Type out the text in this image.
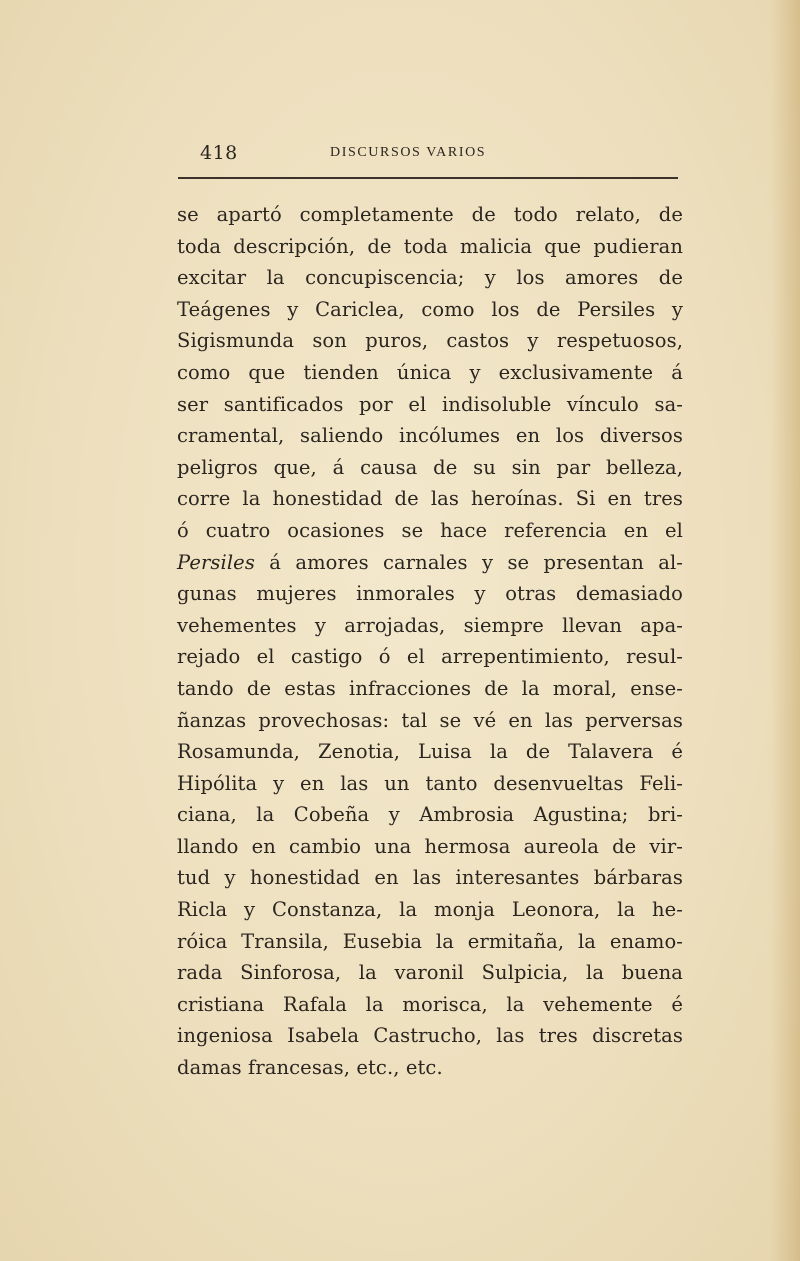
418	DISCURSOS VARIOS
se apartó completamente de todo relato, de
toda descripción, de toda malicia que pudieran
excitar la concupiscencia; y los amores de
Teágenes y Cariclea, como los de Persiles y
Sigismunda son puros, castos y respetuosos,
como que tienden única y exclusivamente á
ser santificados por el indisoluble vínculo sa-
cramental, saliendo incólumes en los diversos
peligros que, á causa de su sin par belleza,
corre la honestidad de las heroínas. Si en tres
ó cuatro ocasiones se hace referencia en el
Persiles á amores carnales y se presentan al-
gunas mujeres inmorales y otras demasiado
vehementes y arrojadas, siempre llevan apa-
rejado el castigo ó el arrepentimiento, resul-
tando de estas infracciones de la moral, ense-
ñanzas provechosas: tal se vé en las perversas
Rosamunda, Zenotia, Luisa la de Talavera é
Hipólita y en las un tanto desenvueltas Feli-
ciana, la Cobeña y Ambrosia Agustina; bri-
llando en cambio una hermosa aureola de vir-
tud y honestidad en las interesantes bárbaras
Ricla y Constanza, la monja Leonora, la he-
róica Transila, Eusebia la ermitaña, la enamo-
rada Sinforosa, la varonil Sulpicia, la buena
cristiana Rafala la morisca, la vehemente é
ingeniosa Isabela Castrucho, las tres discretas
damas francesas, etc., etc.
